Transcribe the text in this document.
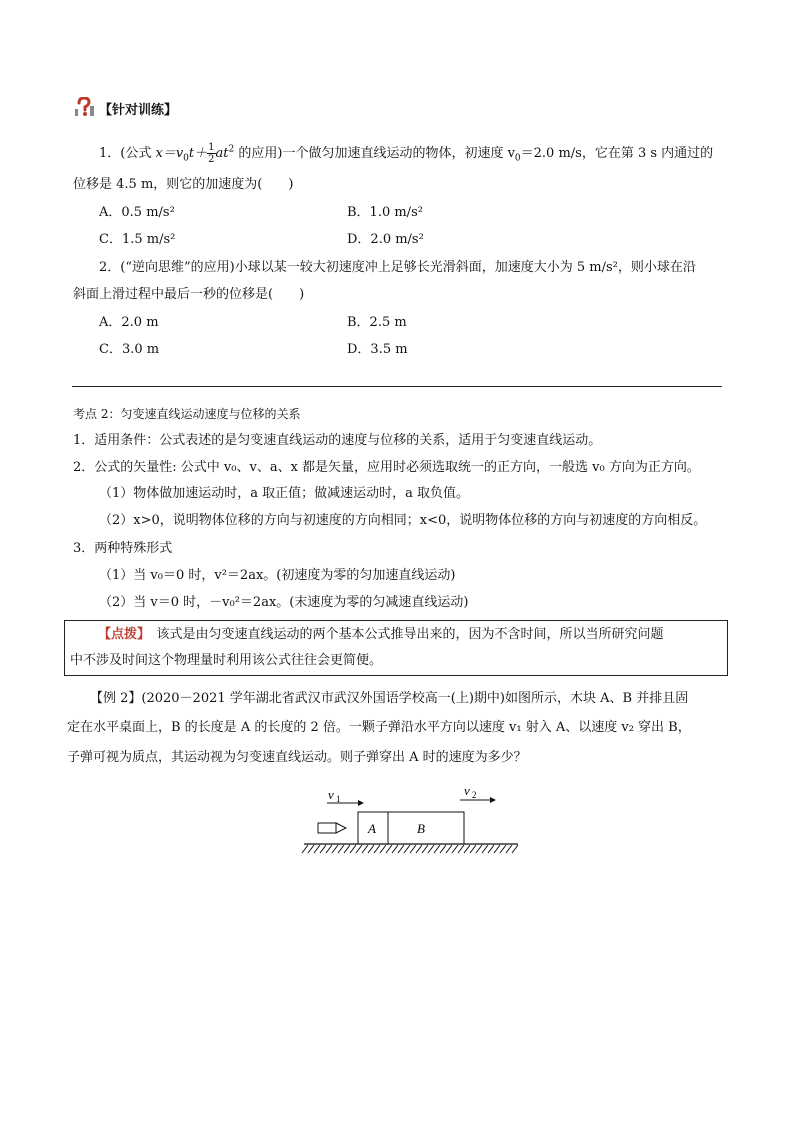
【针对训练】
1．(公式 $x=v_0t+ \frac{1}{2} at^2$ 的应用)一个做匀加速直线运动的物体，初速度 $v_0=2.0$ m/s，它在第 3 s 内通过的
位移是 4.5 m，则它的加速度为(　　)
A．0.5 m/s²	B．1.0 m/s²
C．1.5 m/s²	D．2.0 m/s²
2．(“逆向思维”的应用)小球以某一较大初速度冲上足够长光滑斜面，加速度大小为 5 m/s²，则小球在沿
斜面上滑过程中最后一秒的位移是(　　)
A．2.0 m	B．2.5 m
C．3.0 m	D．3.5 m
考点 2：匀变速直线运动速度与位移的关系
1．适用条件：公式表述的是匀变速直线运动的速度与位移的关系，适用于匀变速直线运动。
2．公式的矢量性: 公式中 v₀、v、a、x 都是矢量，应用时必须选取统一的正方向，一般选 v₀ 方向为正方向。
（1）物体做加速运动时，a 取正值；做减速运动时，a 取负值。
（2）x>0，说明物体位移的方向与初速度的方向相同；x<0，说明物体位移的方向与初速度的方向相反。
3．两种特殊形式
（1）当 v₀＝0 时，v²＝2ax。(初速度为零的匀加速直线运动)
（2）当 v＝0 时，－v₀²＝2ax。(末速度为零的匀减速直线运动)
【点拨】　该式是由匀变速直线运动的两个基本公式推导出来的，因为不含时间，所以当所研究问题
中不涉及时间这个物理量时利用该公式往往会更简便。
【例 2】(2020－2021 学年湖北省武汉市武汉外国语学校高一(上)期中)如图所示，木块 A、B 并排且固
定在水平桌面上，B 的长度是 A 的长度的 2 倍。一颗子弹沿水平方向以速度 v₁ 射入 A、以速度 v₂ 穿出 B，
子弹可视为质点，其运动视为匀变速直线运动。则子弹穿出 A 时的速度为多少？
v 1
v 2
A	B
